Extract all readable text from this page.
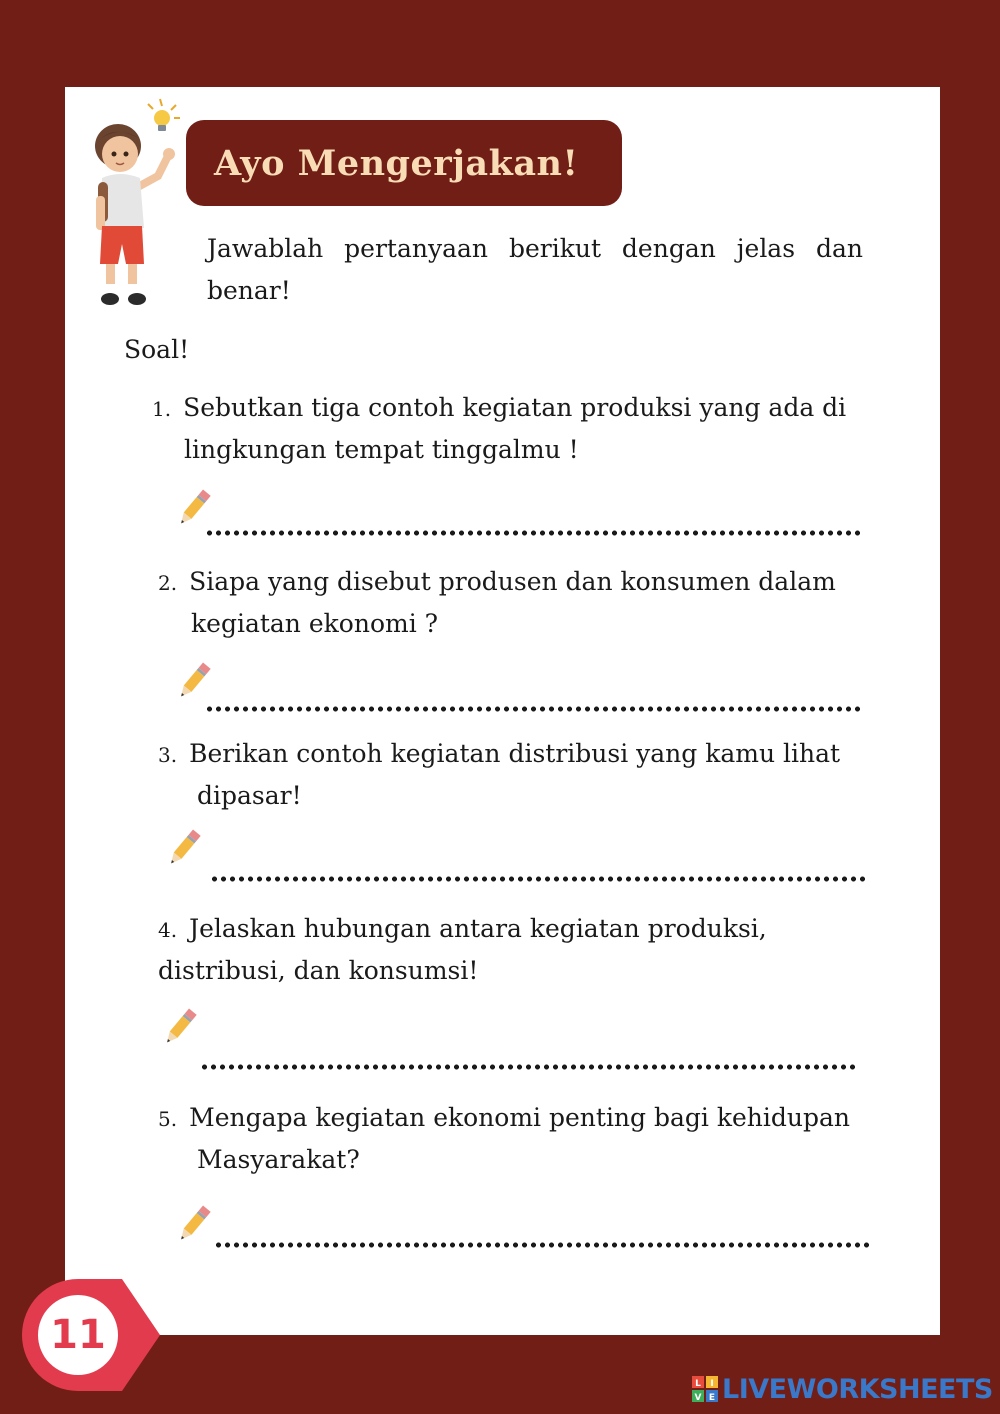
Ayo Mengerjakan!
Jawablah pertanyaan berikut dengan jelas dan benar!
Soal!
1. Sebutkan tiga contoh kegiatan produksi yang ada di
lingkungan tempat tinggalmu !
2. Siapa yang disebut produsen dan konsumen dalam
kegiatan ekonomi ?
3. Berikan contoh kegiatan distribusi yang kamu lihat
dipasar!
4. Jelaskan hubungan antara kegiatan produksi,
distribusi, dan konsumsi!
5. Mengapa kegiatan ekonomi penting bagi kehidupan
Masyarakat?
11
L I
V E LIVEWORKSHEETS
